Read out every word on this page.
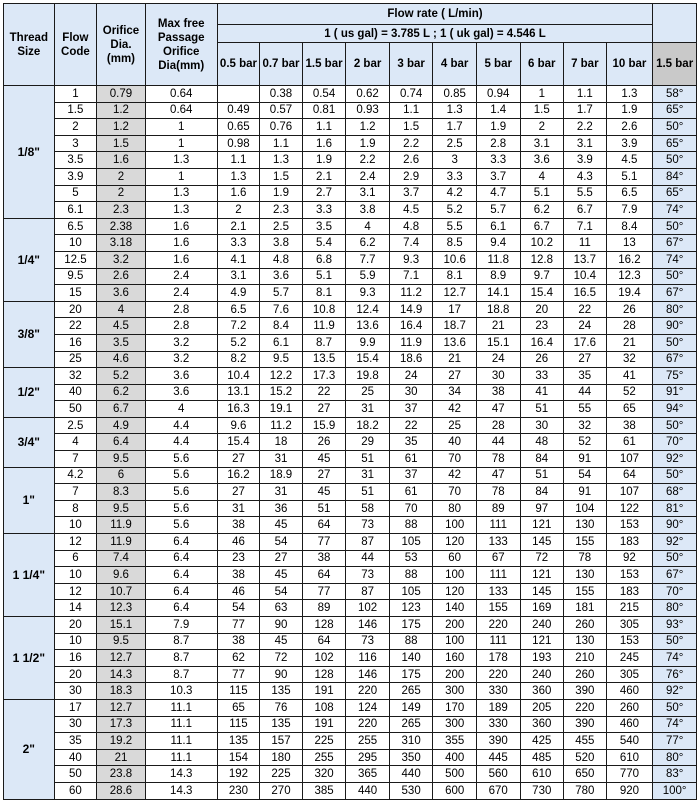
Thread Size	Flow Code	Orifice Dia. (mm)	Max free Passage Orifice Dia(mm)	Flow rate ( L/min)										
				1 ( us gal) = 3.785 L ; 1 ( uk gal) = 4.546 L										
				0.5 bar	0.7 bar	1.5 bar	2 bar	3 bar	4 bar	5 bar	6 bar	7 bar	10 bar	1.5 bar
1/8"	1	0.79	0.64		0.38	0.54	0.62	0.74	0.85	0.94	1	1.1	1.3	58°
	1.5	1.2	0.64	0.49	0.57	0.81	0.93	1.1	1.3	1.4	1.5	1.7	1.9	65°
	2	1.2	1	0.65	0.76	1.1	1.2	1.5	1.7	1.9	2	2.2	2.6	50°
	3	1.5	1	0.98	1.1	1.6	1.9	2.2	2.5	2.8	3.1	3.1	3.9	65°
	3.5	1.6	1.3	1.1	1.3	1.9	2.2	2.6	3	3.3	3.6	3.9	4.5	50°
	3.9	2	1	1.3	1.5	2.1	2.4	2.9	3.3	3.7	4	4.3	5.1	84°
	5	2	1.3	1.6	1.9	2.7	3.1	3.7	4.2	4.7	5.1	5.5	6.5	65°
	6.1	2.3	1.3	2	2.3	3.3	3.8	4.5	5.2	5.7	6.2	6.7	7.9	74°
1/4"	6.5	2.38	1.6	2.1	2.5	3.5	4	4.8	5.5	6.1	6.7	7.1	8.4	50°
	10	3.18	1.6	3.3	3.8	5.4	6.2	7.4	8.5	9.4	10.2	11	13	67°
	12.5	3.2	1.6	4.1	4.8	6.8	7.7	9.3	10.6	11.8	12.8	13.7	16.2	74°
	9.5	2.6	2.4	3.1	3.6	5.1	5.9	7.1	8.1	8.9	9.7	10.4	12.3	50°
	15	3.6	2.4	4.9	5.7	8.1	9.3	11.2	12.7	14.1	15.4	16.5	19.4	67°
3/8"	20	4	2.8	6.5	7.6	10.8	12.4	14.9	17	18.8	20	22	26	80°
	22	4.5	2.8	7.2	8.4	11.9	13.6	16.4	18.7	21	23	24	28	90°
	16	3.5	3.2	5.2	6.1	8.7	9.9	11.9	13.6	15.1	16.4	17.6	21	50°
	25	4.6	3.2	8.2	9.5	13.5	15.4	18.6	21	24	26	27	32	67°
1/2"	32	5.2	3.6	10.4	12.2	17.3	19.8	24	27	30	33	35	41	75°
	40	6.2	3.6	13.1	15.2	22	25	30	34	38	41	44	52	91°
	50	6.7	4	16.3	19.1	27	31	37	42	47	51	55	65	94°
3/4"	2.5	4.9	4.4	9.6	11.2	15.9	18.2	22	25	28	30	32	38	50°
	4	6.4	4.4	15.4	18	26	29	35	40	44	48	52	61	70°
	7	9.5	5.6	27	31	45	51	61	70	78	84	91	107	92°
1"	4.2	6	5.6	16.2	18.9	27	31	37	42	47	51	54	64	50°
	7	8.3	5.6	27	31	45	51	61	70	78	84	91	107	68°
	8	9.5	5.6	31	36	51	58	70	80	89	97	104	122	81°
	10	11.9	5.6	38	45	64	73	88	100	111	121	130	153	90°
1 1/4"	12	11.9	6.4	46	54	77	87	105	120	133	145	155	183	92°
	6	7.4	6.4	23	27	38	44	53	60	67	72	78	92	50°
	10	9.6	6.4	38	45	64	73	88	100	111	121	130	153	67°
	12	10.7	6.4	46	54	77	87	105	120	133	145	155	183	70°
	14	12.3	6.4	54	63	89	102	123	140	155	169	181	215	80°
1 1/2"	20	15.1	7.9	77	90	128	146	175	200	220	240	260	305	93°
	10	9.5	8.7	38	45	64	73	88	100	111	121	130	153	50°
	16	12.7	8.7	62	72	102	116	140	160	178	193	210	245	74°
	20	14.3	8.7	77	90	128	146	175	200	220	240	260	305	76°
	30	18.3	10.3	115	135	191	220	265	300	330	360	390	460	92°
2"	17	12.7	11.1	65	76	108	124	149	170	189	205	220	260	50°
	30	17.3	11.1	115	135	191	220	265	300	330	360	390	460	74°
	35	19.2	11.1	135	157	225	255	310	355	390	425	455	540	77°
	40	21	11.1	154	180	255	295	350	400	445	485	520	610	80°
	50	23.8	14.3	192	225	320	365	440	500	560	610	650	770	83°
	60	28.6	14.3	230	270	385	440	530	600	670	730	780	920	100°
